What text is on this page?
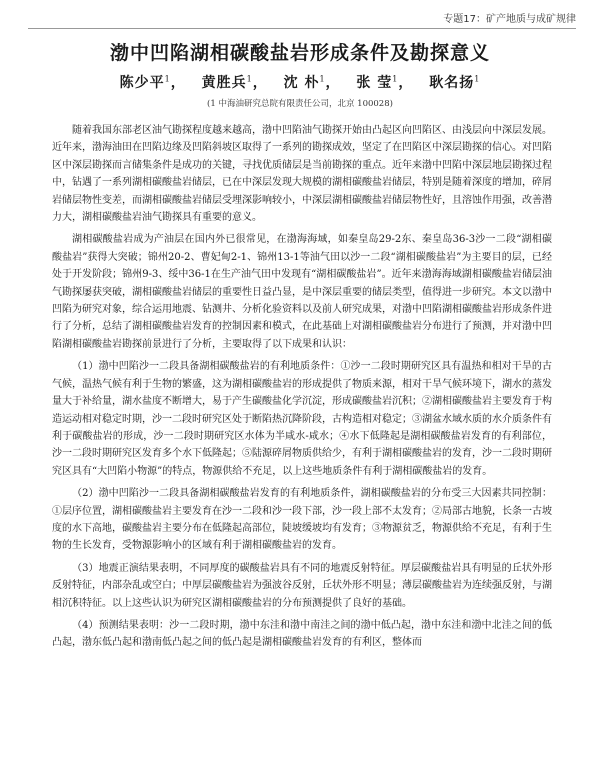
专题17：矿产地质与成矿规律
渤中凹陷湖相碳酸盐岩形成条件及勘探意义
陈少平$^1$， 黄胜兵$^1$， 沈 朴$^1$， 张 莹$^1$， 耿名扬$^1$
(1 中海油研究总院有限责任公司，北京 100028)

随着我国东部老区油气勘探程度越来越高，渤中凹陷油气勘探开始由凸起区向凹陷区、由浅层向中深层发展。近年来，渤海油田在凹陷边缘及凹陷斜坡区取得了一系列的勘探成效，坚定了在凹陷区中深层勘探的信心。对凹陷区中深层勘探而言储集条件是成功的关键，寻找优质储层是当前勘探的重点。近年来渤中凹陷中深层地层勘探过程中，钻遇了一系列湖相碳酸盐岩储层，已在中深层发现大规模的湖相碳酸盐岩储层，特别是随着深度的增加，碎屑岩储层物性变差，而湖相碳酸盐岩储层受埋深影响较小，中深层湖相碳酸盐岩储层物性好，且溶蚀作用强，改善潜力大，湖相碳酸盐岩油气勘探具有重要的意义。

湖相碳酸盐岩成为产油层在国内外已很常见，在渤海海域，如秦皇岛29-2东、秦皇岛36-3沙一二段“湖相碳酸盐岩”获得大突破；锦州20-2、曹妃甸2-1、锦州13-1等油气田以沙一二段“湖相碳酸盐岩”为主要目的层，已经处于开发阶段；锦州9-3、绥中36-1在生产油气田中发现有“湖相碳酸盐岩”。近年来渤海海域湖相碳酸盐岩储层油气勘探屡获突破，湖相碳酸盐岩储层的重要性日益凸显，是中深层重要的储层类型，值得进一步研究。本文以渤中凹陷为研究对象，综合运用地震、钻测井、分析化验资料以及前人研究成果，对渤中凹陷湖相碳酸盐岩形成条件进行了分析，总结了湖相碳酸盐岩发育的控制因素和模式，在此基础上对湖相碳酸盐岩分布进行了预测，并对渤中凹陷湖相碳酸盐岩勘探前景进行了分析，主要取得了以下成果和认识：

（1）渤中凹陷沙一二段具备湖相碳酸盐岩的有利地质条件：①沙一二段时期研究区具有温热和相对干旱的古气候，温热气候有利于生物的繁盛，这为湖相碳酸盐岩的形成提供了物质来源，相对干旱气候环境下，湖水的蒸发量大于补给量，湖水盐度不断增大，易于产生碳酸盐化学沉淀，形成碳酸盐岩沉积；②湖相碳酸盐岩主要发育于构造运动相对稳定时期，沙一二段时研究区处于断陷热沉降阶段，古构造相对稳定；③湖盆水域水质的水介质条件有利于碳酸盐岩的形成，沙一二段时期研究区水体为半咸水-咸水；④水下低隆起是湖相碳酸盐岩发育的有利部位，沙一二段时期研究区发育多个水下低隆起；⑤陆源碎屑物质供给少，有利于湖相碳酸盐岩的发育，沙一二段时期研究区具有“大凹陷小物源”的特点，物源供给不充足，以上这些地质条件有利于湖相碳酸盐岩的发育。

（2）渤中凹陷沙一二段具备湖相碳酸盐岩发育的有利地质条件，湖相碳酸盐岩的分布受三大因素共同控制：①层序位置，湖相碳酸盐岩主要发育在沙一二段和沙一段下部，沙一段上部不太发育；②局部古地貌，长条一古坡度的水下高地，碳酸盐岩主要分布在低隆起高部位，陡坡缓坡均有发育；③物源贫乏，物源供给不充足，有利于生物的生长发育，受物源影响小的区域有利于湖相碳酸盐岩的发育。

（3）地震正演结果表明，不同厚度的碳酸盐岩具有不同的地震反射特征。厚层碳酸盐岩具有明显的丘状外形反射特征，内部杂乱或空白；中厚层碳酸盐岩为强波谷反射，丘状外形不明显；薄层碳酸盐岩为连续强反射，与湖相沉积特征。以上这些认识为研究区湖相碳酸盐岩的分布预测提供了良好的基础。

（4）预测结果表明：沙一二段时期，渤中东洼和渤中南洼之间的渤中低凸起，渤中东洼和渤中北洼之间的低凸起，渤东低凸起和渤南低凸起之间的低凸起是湖相碳酸盐岩发育的有利区，整体而
